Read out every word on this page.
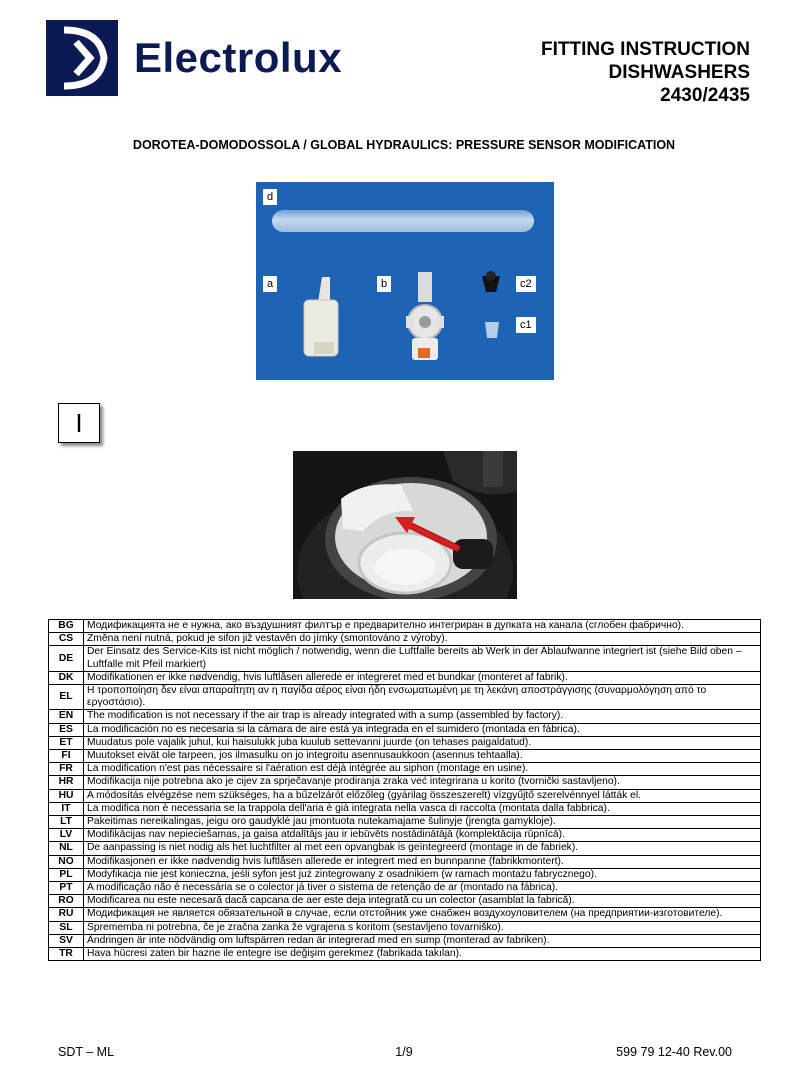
Electrolux	FITTING INSTRUCTION
DISHWASHERS
2430/2435
DOROTEA-DOMODOSSOLA / GLOBAL HYDRAULICS: PRESSURE SENSOR MODIFICATION
d
a	b	c2
c1
I
BG	Модификацията не е нужна, ако въздушният филтър е предварително интегриран в дупката на канала (сглобен фабрично).
CS	Změna není nutná, pokud je sifon již vestavěn do jímky (smontováno z výroby).
DE	Der Einsatz des Service-Kits ist nicht möglich / notwendig, wenn die Luftfalle bereits ab Werk in der Ablaufwanne integriert ist (siehe Bild oben – Luftfalle mit Pfeil markiert)
DK	Modifikationen er ikke nødvendig, hvis luftlåsen allerede er integreret med et bundkar (monteret af fabrik).
EL	Η τροποποίηση δεν είναι απαραίτητη αν η παγίδα αέρος είναι ήδη ενσωματωμένη με τη λεκάνη αποστράγγισης (συναρμολόγηση από το εργοστάσιο).
EN	The modification is not necessary if the air trap is already integrated with a sump (assembled by factory).
ES	La modificación no es necesaria si la cámara de aire está ya integrada en el sumidero (montada en fábrica).
ET	Muudatus pole vajalik juhul, kui haisulukk juba kuulub settevanni juurde (on tehases paigaldatud).
FI	Muutokset eivät ole tarpeen, jos ilmasulku on jo integroitu asennusaukkoon (asennus tehtaalla).
FR	La modification n'est pas nécessaire si l'aération est déjà intégrée au siphon (montage en usine).
HR	Modifikacija nije potrebna ako je cijev za sprječavanje prodiranja zraka već integrirana u korito (tvornički sastavljeno).
HU	A módosítás elvégzése nem szükséges, ha a bűzelzárót előzőleg (gyárilag összeszerelt) vízgyűjtő szerelvénnyel látták el.
IT	La modifica non è necessaria se la trappola dell'aria è già integrata nella vasca di raccolta (montata dalla fabbrica).
LT	Pakeitimas nereikalingas, jeigu oro gaudyklė jau įmontuota nutekamajame šulinyje (įrengta gamykloje).
LV	Modifikācijas nav nepieciešamas, ja gaisa atdalītājs jau ir iebūvēts nostādinātājā (komplektācija rūpnīcā).
NL	De aanpassing is niet nodig als het luchtfilter al met een opvangbak is geïntegreerd (montage in de fabriek).
NO	Modifikasjonen er ikke nødvendig hvis luftlåsen allerede er integrert med en bunnpanne (fabrikkmontert).
PL	Modyfikacja nie jest konieczna, jeśli syfon jest już zintegrowany z osadnikiem (w ramach montażu fabrycznego).
PT	A modificação não é necessária se o colector já tiver o sistema de retenção de ar (montado na fábrica).
RO	Modificarea nu este necesară dacă capcana de aer este deja integrată cu un colector (asamblat la fabrică).
RU	Модификация не является обязательной в случае, если отстойник уже снабжен воздухоуловителем (на предприятии-изготовителе).
SL	Sprememba ni potrebna, če je zračna zanka že vgrajena s koritom (sestavljeno tovarniško).
SV	Ändringen är inte nödvändig om luftspärren redan är integrerad med en sump (monterad av fabriken).
TR	Hava hücresi zaten bir hazne ile entegre ise değişim gerekmez (fabrikada takılan).
SDT – ML	1/9	599 79 12-40 Rev.00
